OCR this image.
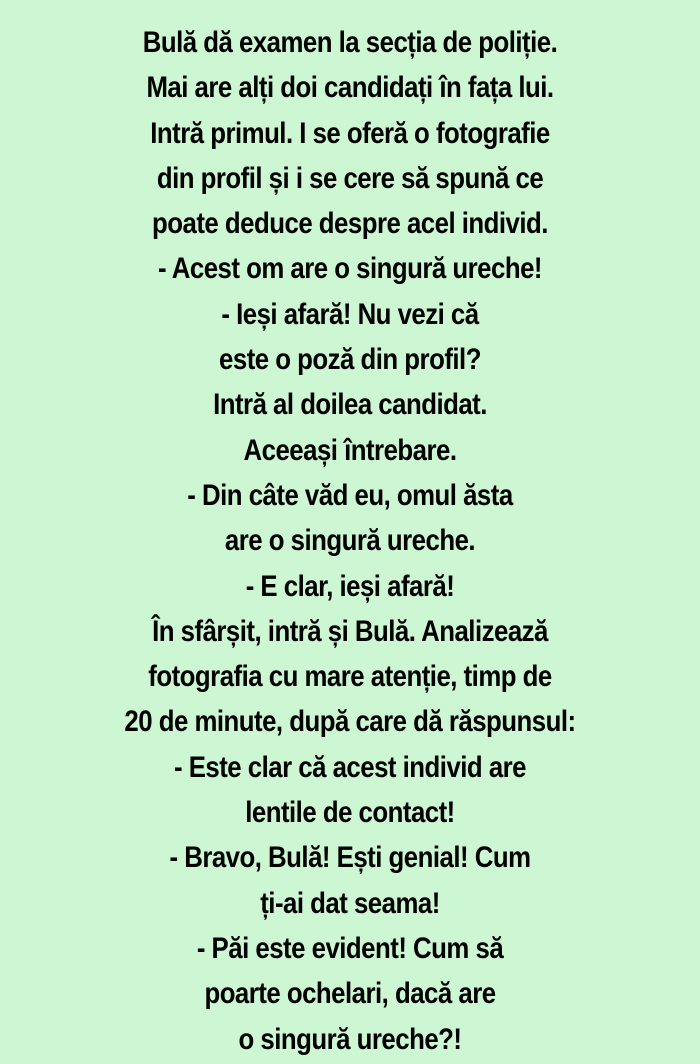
Bulă dă examen la secția de poliție.
Mai are alți doi candidați în fața lui.
Intră primul. I se oferă o fotografie
din profil și i se cere să spună ce
poate deduce despre acel individ.
- Acest om are o singură ureche!
- Ieși afară! Nu vezi că
este o poză din profil?
Intră al doilea candidat.
Aceeași întrebare.
- Din câte văd eu, omul ăsta
are o singură ureche.
- E clar, ieși afară!
În sfârșit, intră și Bulă. Analizează
fotografia cu mare atenție, timp de
20 de minute, după care dă răspunsul:
- Este clar că acest individ are
lentile de contact!
- Bravo, Bulă! Ești genial! Cum
ți-ai dat seama!
- Păi este evident! Cum să
poarte ochelari, dacă are
o singură ureche?!
